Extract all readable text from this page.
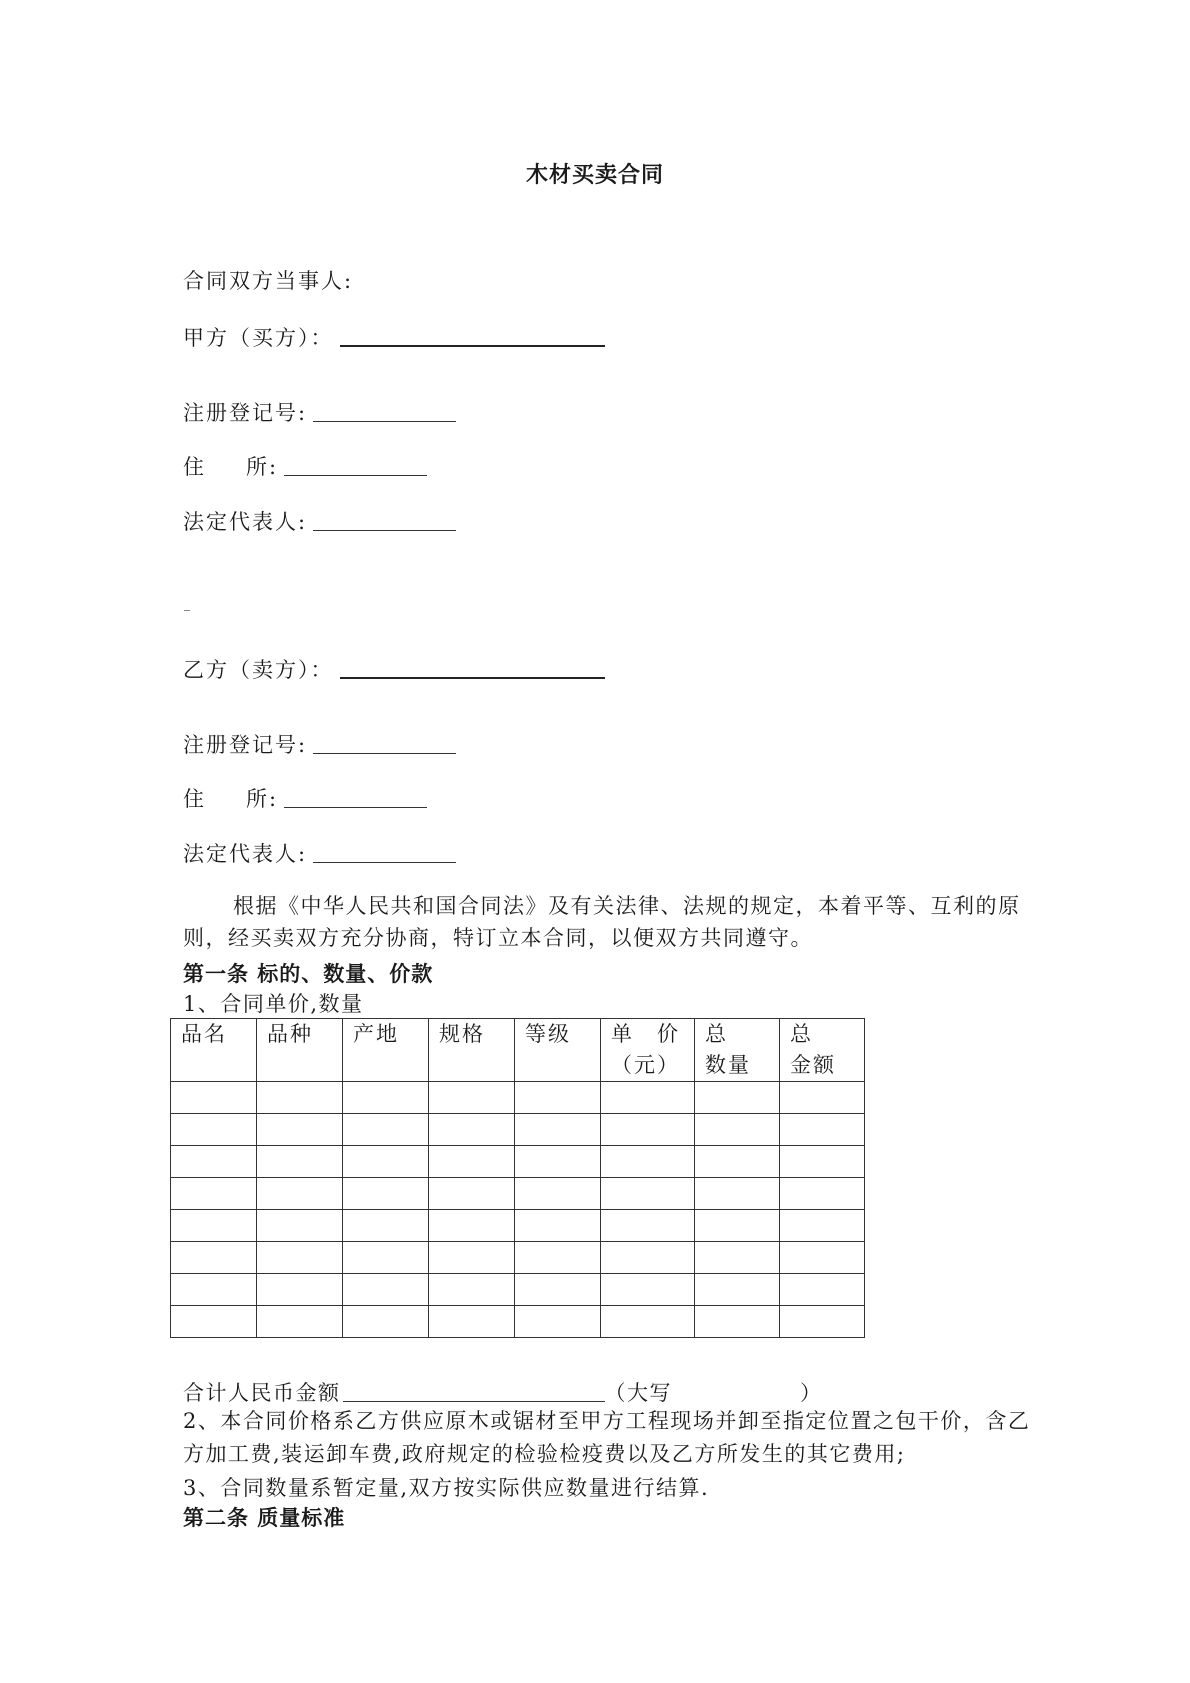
木材买卖合同
合同双方当事人:
甲方（买方）：
注册登记号:
住 所:
法定代表人:
乙方（卖方）：
注册登记号:
住 所:
法定代表人:
根据《中华人民共和国合同法》及有关法律、法规的规定，本着平等、互利的原则，经买卖双方充分协商，特订立本合同，以便双方共同遵守。
第一条 标的、数量、价款
1、合同单价,数量
品名	品种	产地	规格	等级	单　价（元）	总　数量	总　金额

合计人民币金额	（大写	）
2、本合同价格系乙方供应原木或锯材至甲方工程现场并卸至指定位置之包干价，含乙方加工费,装运卸车费,政府规定的检验检疫费以及乙方所发生的其它费用;
3、合同数量系暂定量,双方按实际供应数量进行结算.
第二条 质量标准
